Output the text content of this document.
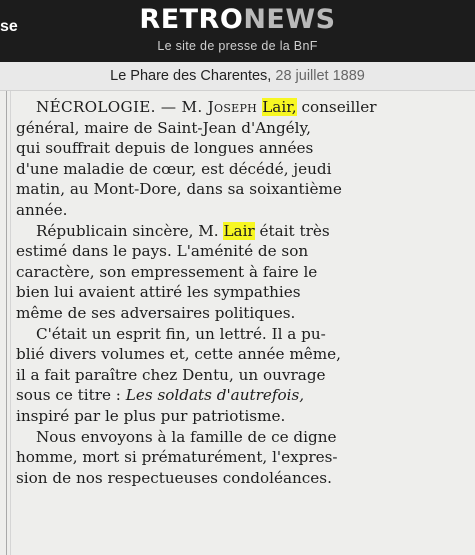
se	RETRONEWS
Le site de presse de la BnF
Le Phare des Charentes, 28 juillet 1889
NÉCROLOGIE. — M. Joseph Lair, conseiller
général, maire de Saint-Jean d'Angély,
qui souffrait depuis de longues années
d'une maladie de cœur, est décédé, jeudi
matin, au Mont-Dore, dans sa soixantième
année.
Républicain sincère, M. Lair était très
estimé dans le pays. L'aménité de son
caractère, son empressement à faire le
bien lui avaient attiré les sympathies
même de ses adversaires politiques.
C'était un esprit fin, un lettré. Il a pu-
blié divers volumes et, cette année même,
il a fait paraître chez Dentu, un ouvrage
sous ce titre : Les soldats d'autrefois,
inspiré par le plus pur patriotisme.
Nous envoyons à la famille de ce digne
homme, mort si prématurément, l'expres-
sion de nos respectueuses condoléances.
